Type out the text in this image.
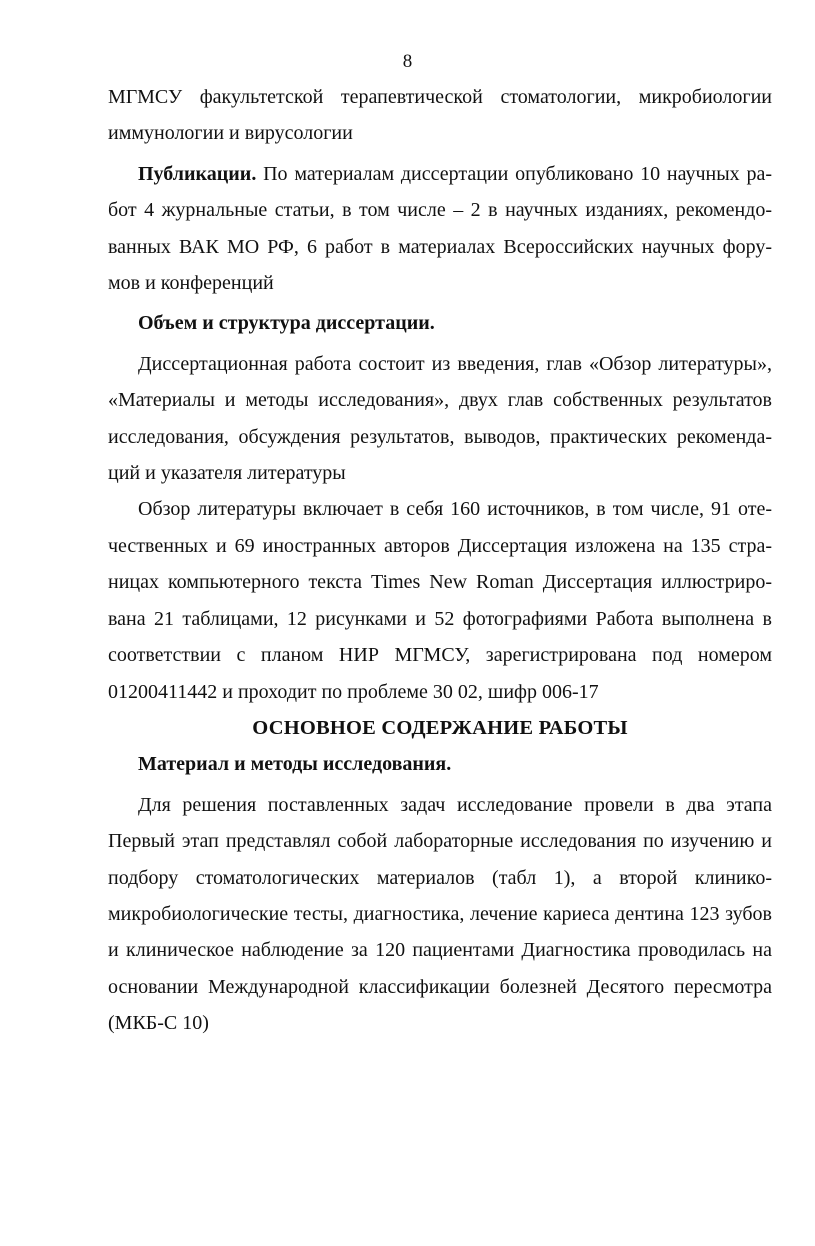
8
МГМСУ факультетской терапевтической стоматологии, микробиологии
иммунологии и вирусологии
Публикации. По материалам диссертации опубликовано 10 научных ра-
бот 4 журнальные статьи, в том числе – 2 в научных изданиях, рекомендо-
ванных ВАК МО РФ, 6 работ в материалах Всероссийских научных фору-
мов и конференций
Объем и структура диссертации.
Диссертационная работа состоит из введения, глав «Обзор литературы»,
«Материалы и методы исследования», двух глав собственных результатов
исследования, обсуждения результатов, выводов, практических рекоменда-
ций и указателя литературы
Обзор литературы включает в себя 160 источников, в том числе, 91 оте-
чественных и 69 иностранных авторов Диссертация изложена на 135 стра-
ницах компьютерного текста Times New Roman Диссертация иллюстриро-
вана 21 таблицами, 12 рисунками и 52 фотографиями Работа выполнена в
соответствии с планом НИР МГМСУ, зарегистрирована под номером
01200411442 и проходит по проблеме 30 02, шифр 006-17
ОСНОВНОЕ СОДЕРЖАНИЕ РАБОТЫ
Материал и методы исследования.
Для решения поставленных задач исследование провели в два этапа
Первый этап представлял собой лабораторные исследования по изучению и
подбору стоматологических материалов (табл 1), а второй клинико-
микробиологические тесты, диагностика, лечение кариеса дентина 123 зубов
и клиническое наблюдение за 120 пациентами Диагностика проводилась на
основании Международной классификации болезней Десятого пересмотра
(МКБ-С 10)
